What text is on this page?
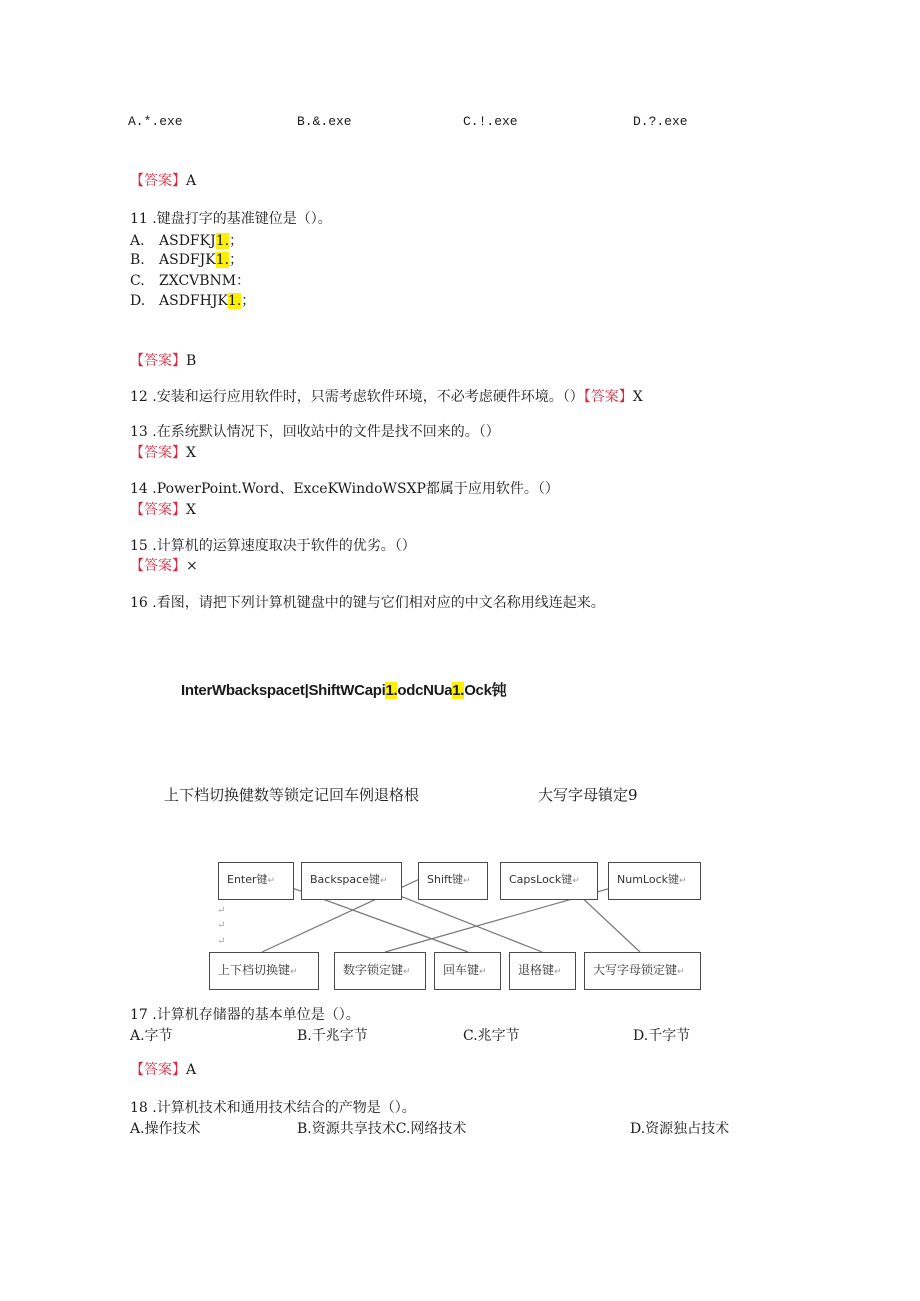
A.*.exe	B.&.exe	C.!.exe	D.?.exe
【答案】A
11 .键盘打字的基准键位是（）。
A. ASDFKJ1.；
B. ASDFJK1.；
C. ZXCVBNM：
D. ASDFHJK1.；
【答案】B
12 .安装和运行应用软件时，只需考虑软件环境，不必考虑硬件环境。（）【答案】X
13 .在系统默认情况下，回收站中的文件是找不回来的。（）
【答案】X
14 .PowerPoint.Word、ExceKWindoWSXP都属于应用软件。（）
【答案】X
15 .计算机的运算速度取决于软件的优劣。（）
【答案】×
16 .看图，请把下列计算机键盘中的键与它们相对应的中文名称用线连起来。
InterWbackspacet|ShiftWCapi1.odcNUa1.Ock钝
上下档切换健数等锁定记回车例退格根	大写字母镇定9
Enter键↵	Backspace键↵	Shift键↵	CapsLock键↵	NumLock键↵
↵
↵
↵
上下档切换键↵	数字锁定键↵	回车键↵	退格键↵	大写字母锁定键↵
17 .计算机存储器的基本单位是（）。
A.字节	B.千兆字节	C.兆字节	D.千字节
【答案】A
18 .计算机技术和通用技术结合的产物是（）。
A.操作技术	B.资源共享技术C.网络技术	D.资源独占技术
